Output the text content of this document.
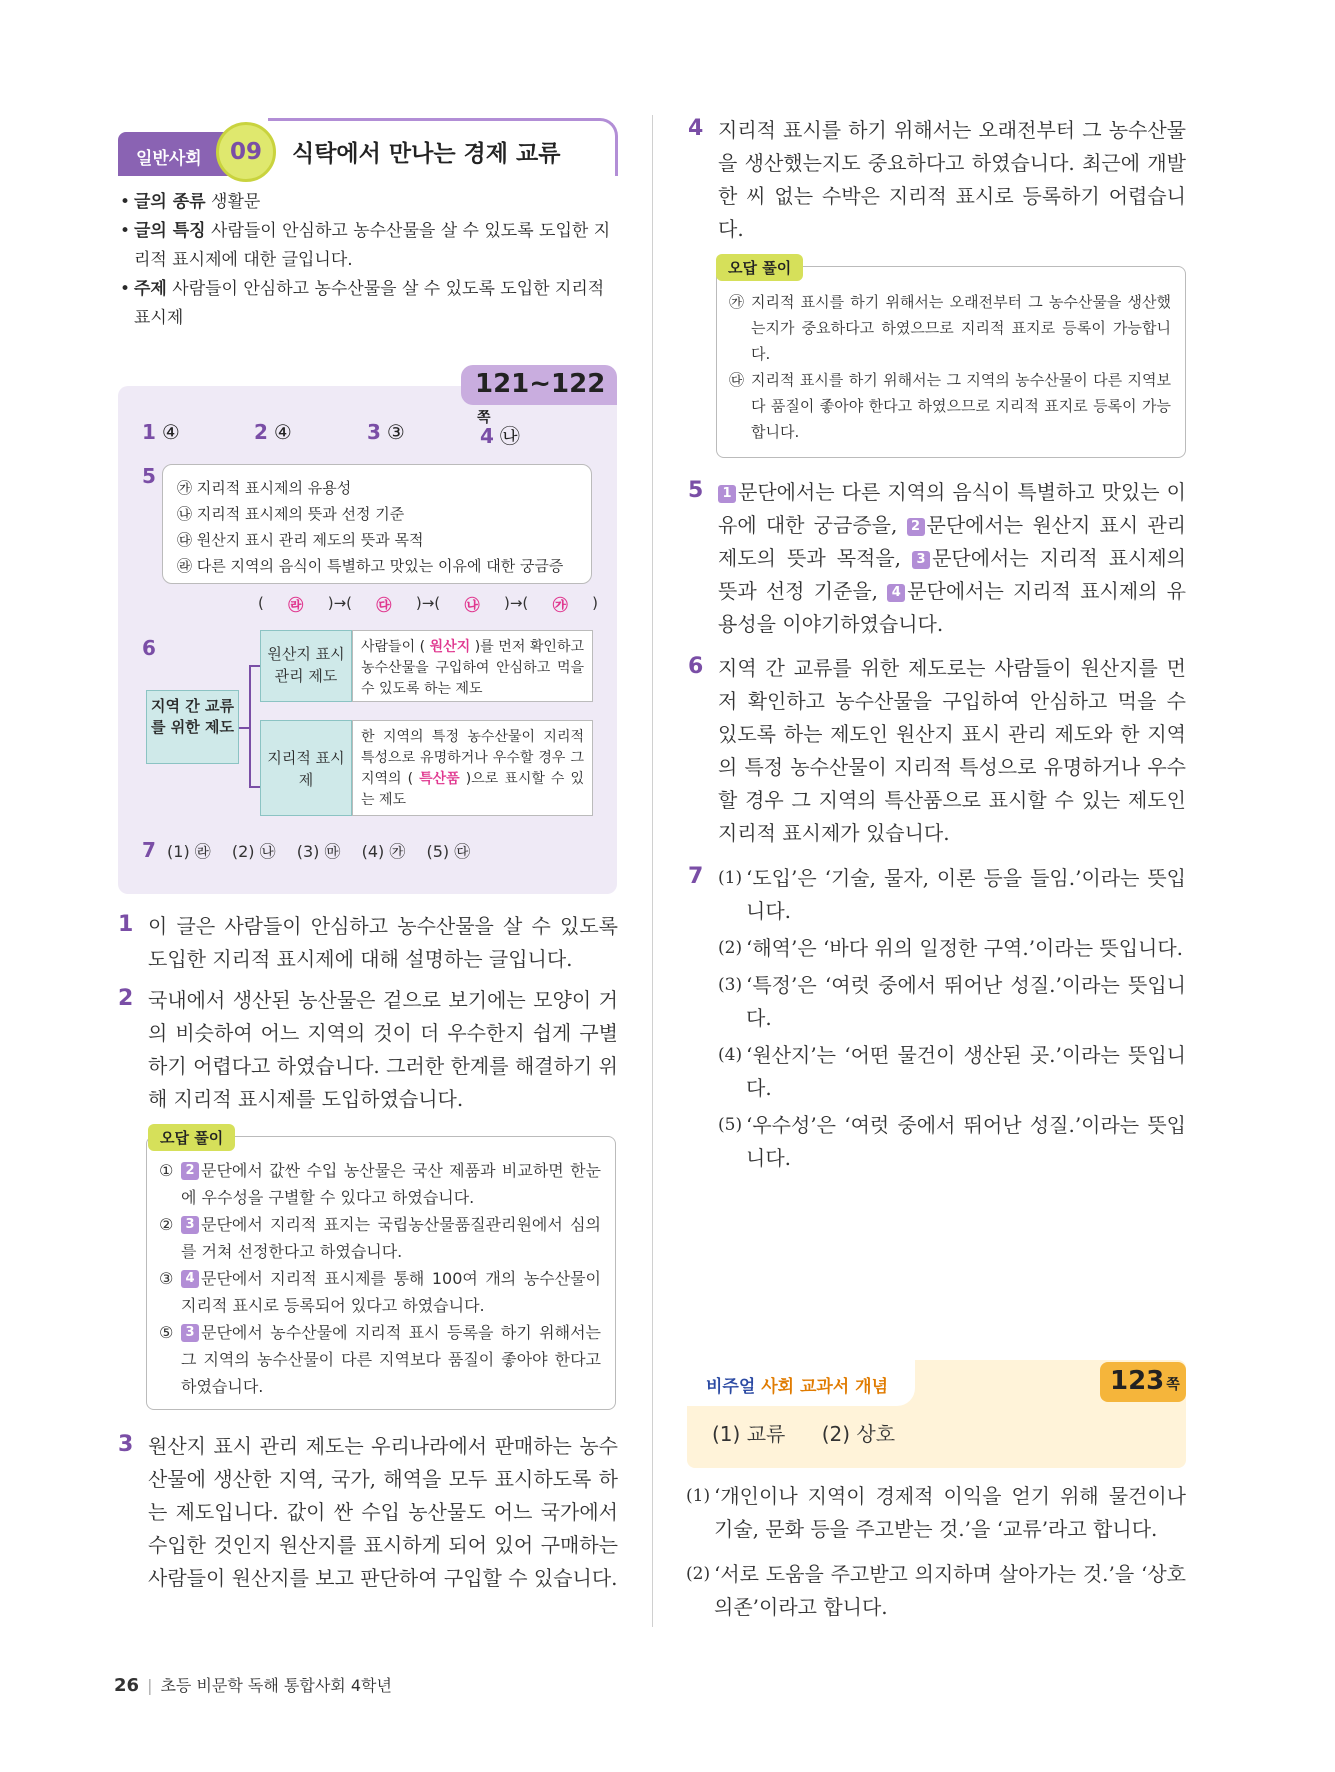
일반사회	식탁에서 만나는 경제 교류
09
• 글의 종류 생활문
• 글의 특징 사람들이 안심하고 농수산물을 살 수 있도록 도입한 지리적 표시제에 대한 글입니다.
• 주제 사람들이 안심하고 농수산물을 살 수 있도록 도입한 지리적 표시제
121~122쪽
1 ④	2 ④	3 ③	4 ㉯
5 ㉮ 지리적 표시제의 유용성
㉯ 지리적 표시제의 뜻과 선정 기준
㉰ 원산지 표시 관리 제도의 뜻과 목적
㉱ 다른 지역의 음식이 특별하고 맛있는 이유에 대한 궁금증
( ㉱ )→( ㉰ )→( ㉯ )→( ㉮ )
6
지역 간 교류를 위한 제도
원산지 표시 관리 제도
사람들이 ( 원산지 )를 먼저 확인하고 농수산물을 구입하여 안심하고 먹을 수 있도록 하는 제도
지리적 표시제
한 지역의 특정 농수산물이 지리적 특성으로 유명하거나 우수할 경우 그 지역의 ( 특산품 )으로 표시할 수 있는 제도
7 (1) ㉱ (2) ㉯ (3) ㉲ (4) ㉮ (5) ㉰
1 이 글은 사람들이 안심하고 농수산물을 살 수 있도록 도입한 지리적 표시제에 대해 설명하는 글입니다.
2 국내에서 생산된 농산물은 겉으로 보기에는 모양이 거의 비슷하여 어느 지역의 것이 더 우수한지 쉽게 구별하기 어렵다고 하였습니다. 그러한 한계를 해결하기 위해 지리적 표시제를 도입하였습니다.
① 2 문단에서 값싼 수입 농산물은 국산 제품과 비교하면 한눈에 우수성을 구별할 수 있다고 하였습니다.
② 3 문단에서 지리적 표지는 국립농산물품질관리원에서 심의를 거쳐 선정한다고 하였습니다.
③ 4 문단에서 지리적 표시제를 통해 100여 개의 농수산물이 지리적 표시로 등록되어 있다고 하였습니다.
⑤ 3 문단에서 농수산물에 지리적 표시 등록을 하기 위해서는 그 지역의 농수산물이 다른 지역보다 품질이 좋아야 한다고 하였습니다.
오답 풀이
3 원산지 표시 관리 제도는 우리나라에서 판매하는 농수산물에 생산한 지역, 국가, 해역을 모두 표시하도록 하는 제도입니다. 값이 싼 수입 농산물도 어느 국가에서 수입한 것인지 원산지를 표시하게 되어 있어 구매하는 사람들이 원산지를 보고 판단하여 구입할 수 있습니다.
4 지리적 표시를 하기 위해서는 오래전부터 그 농수산물을 생산했는지도 중요하다고 하였습니다. 최근에 개발한 씨 없는 수박은 지리적 표시로 등록하기 어렵습니다.
㉮ 지리적 표시를 하기 위해서는 오래전부터 그 농수산물을 생산했는지가 중요하다고 하였으므로 지리적 표지로 등록이 가능합니다.
㉰ 지리적 표시를 하기 위해서는 그 지역의 농수산물이 다른 지역보다 품질이 좋아야 한다고 하였으므로 지리적 표지로 등록이 가능합니다.
오답 풀이
5	1 문단에서는 다른 지역의 음식이 특별하고 맛있는 이유에 대한 궁금증을, 2 문단에서는 원산지 표시 관리 제도의 뜻과 목적을, 3 문단에서는 지리적 표시제의 뜻과 선정 기준을, 4 문단에서는 지리적 표시제의 유용성을 이야기하였습니다.
6 지역 간 교류를 위한 제도로는 사람들이 원산지를 먼저 확인하고 농수산물을 구입하여 안심하고 먹을 수 있도록 하는 제도인 원산지 표시 관리 제도와 한 지역의 특정 농수산물이 지리적 특성으로 유명하거나 우수할 경우 그 지역의 특산품으로 표시할 수 있는 제도인 지리적 표시제가 있습니다.
7 (1) ‘도입’은 ‘기술, 물자, 이론 등을 들임.’이라는 뜻입니다.
(2) ‘해역’은 ‘바다 위의 일정한 구역.’이라는 뜻입니다.
(3) ‘특정’은 ‘여럿 중에서 뛰어난 성질.’이라는 뜻입니다.
(4) ‘원산지’는 ‘어떤 물건이 생산된 곳.’이라는 뜻입니다.
(5) ‘우수성’은 ‘여럿 중에서 뛰어난 성질.’이라는 뜻입니다.
비주얼 사회 교과서 개념	123 쪽
(1) 교류 (2) 상호
(1) ‘개인이나 지역이 경제적 이익을 얻기 위해 물건이나 기술, 문화 등을 주고받는 것.’을 ‘교류’라고 합니다.
(2) ‘서로 도움을 주고받고 의지하며 살아가는 것.’을 ‘상호 의존’이라고 합니다.
26 | 초등 비문학 독해 통합사회 4학년
